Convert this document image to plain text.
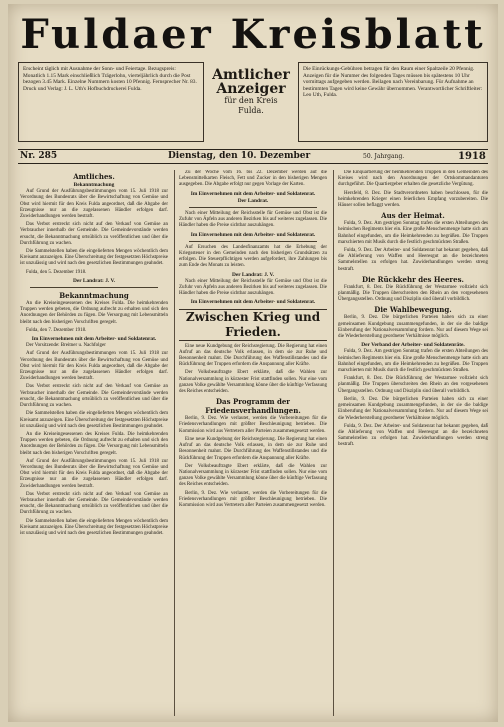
Fuldaer Kreisblatt
Erscheint täglich mit Ausnahme der Sonn- und Feiertage. Bezugspreis: Monatlich 1.15 Mark einschließlich Trägerlohn, vierteljährlich durch die Post bezogen 3.45 Mark. Einzelne Nummern kosten 10 Pfennig. Fernsprecher Nr. 83. Druck und Verlag: J. L. Uth's Hofbuchdruckerei Fulda.
Amtlicher
Anzeiger
für den Kreis
Fulda.
Die Einrückungs-Gebühren betragen für den Raum einer Spaltzeile 20 Pfennig. Anzeigen für die Nummer des folgenden Tages müssen bis spätestens 10 Uhr vormittags aufgegeben werden. Beilagen nach Vereinbarung. Für Aufnahme an bestimmten Tagen wird keine Gewähr übernommen. Verantwortlicher Schriftleiter: Leo Uth, Fulda.
Nr. 285	Dienstag, den 10. Dezember	50. Jahrgang.	1918
Amtliches.
Bekanntmachung

Auf Grund der Ausführungsbestimmungen vom 15. Juli 1918 zur Verordnung des Bundesrats über die Bewirtschaftung von Gemüse und Obst wird hiermit für den Kreis Fulda angeordnet, daß die Abgabe der Erzeugnisse nur an die zugelassenen Händler erfolgen darf. Zuwiderhandlungen werden bestraft.

Das Verbot erstreckt sich nicht auf den Verkauf von Gemüse an Verbraucher innerhalb der Gemeinde. Die Gemeindevorstände werden ersucht, die Bekanntmachung ortsüblich zu veröffentlichen und über die Durchführung zu wachen.

Die Sammelstellen haben die eingelieferten Mengen wöchentlich dem Kreisamt anzuzeigen. Eine Überschreitung der festgesetzten Höchstpreise ist unzulässig und wird nach den gesetzlichen Bestimmungen geahndet.

Fulda, den 5. Dezember 1918.

Der Landrat: J. V.
Bekanntmachung

An die Kreiseingesessenen des Kreises Fulda. Die heimkehrenden Truppen werden gebeten, die Ordnung aufrecht zu erhalten und sich den Anordnungen der Behörden zu fügen. Die Versorgung mit Lebensmitteln bleibt nach den bisherigen Vorschriften geregelt.

Fulda, den 7. Dezember 1918.

Im Einvernehmen mit dem Arbeiter- und Soldatenrat.

Der Vorsitzende: Breitner u. Nachfolger

Auf Grund der Ausführungsbestimmungen vom 15. Juli 1918 zur Verordnung des Bundesrats über die Bewirtschaftung von Gemüse und Obst wird hiermit für den Kreis Fulda angeordnet, daß die Abgabe der Erzeugnisse nur an die zugelassenen Händler erfolgen darf. Zuwiderhandlungen werden bestraft.

Das Verbot erstreckt sich nicht auf den Verkauf von Gemüse an Verbraucher innerhalb der Gemeinde. Die Gemeindevorstände werden ersucht, die Bekanntmachung ortsüblich zu veröffentlichen und über die Durchführung zu wachen.

Die Sammelstellen haben die eingelieferten Mengen wöchentlich dem Kreisamt anzuzeigen. Eine Überschreitung der festgesetzten Höchstpreise ist unzulässig und wird nach den gesetzlichen Bestimmungen geahndet.

An die Kreiseingesessenen des Kreises Fulda. Die heimkehrenden Truppen werden gebeten, die Ordnung aufrecht zu erhalten und sich den Anordnungen der Behörden zu fügen. Die Versorgung mit Lebensmitteln bleibt nach den bisherigen Vorschriften geregelt.

Auf Grund der Ausführungsbestimmungen vom 15. Juli 1918 zur Verordnung des Bundesrats über die Bewirtschaftung von Gemüse und Obst wird hiermit für den Kreis Fulda angeordnet, daß die Abgabe der Erzeugnisse nur an die zugelassenen Händler erfolgen darf. Zuwiderhandlungen werden bestraft.

Das Verbot erstreckt sich nicht auf den Verkauf von Gemüse an Verbraucher innerhalb der Gemeinde. Die Gemeindevorstände werden ersucht, die Bekanntmachung ortsüblich zu veröffentlichen und über die Durchführung zu wachen.

Die Sammelstellen haben die eingelieferten Mengen wöchentlich dem Kreisamt anzuzeigen. Eine Überschreitung der festgesetzten Höchstpreise ist unzulässig und wird nach den gesetzlichen Bestimmungen geahndet.

Zu der Woche vom 16. bis 22. Dezember werden auf die Lebensmittelkarten Fleisch, Fett und Zucker in den bisherigen Mengen ausgegeben. Die Abgabe erfolgt nur gegen Vorlage der Karten.

Im Einvernehmen mit dem Arbeiter- und Soldatenrat.
Der Landrat.

Nach einer Mitteilung der Reichsstelle für Gemüse und Obst ist die Zufuhr von Äpfeln aus anderen Bezirken bis auf weiteres zugelassen. Die Händler haben die Preise sichtbar auszuhängen.

Im Einvernehmen mit dem Arbeiter- und Soldatenrat.

Auf Ersuchen des Landesfinanzamts hat die Erhebung der Kriegssteuer in den Gemeinden nach den bisherigen Grundsätzen zu erfolgen. Die Steuerpflichtigen werden aufgefordert, ihre Zahlungen bis zum Ende des Monats zu leisten.

Der Landrat: J. V.

Nach einer Mitteilung der Reichsstelle für Gemüse und Obst ist die Zufuhr von Äpfeln aus anderen Bezirken bis auf weiteres zugelassen. Die Händler haben die Preise sichtbar auszuhängen.

Im Einvernehmen mit dem Arbeiter- und Soldatenrat.
Zwischen Krieg und Frieden.

Eine neue Kundgebung der Reichsregierung. Die Regierung hat einen Aufruf an das deutsche Volk erlassen, in dem sie zur Ruhe und Besonnenheit mahnt. Die Durchführung des Waffenstillstandes und die Rückführung der Truppen erfordern die Anspannung aller Kräfte.

Der Volksbeauftragte Ebert erklärte, daß die Wahlen zur Nationalversammlung in kürzester Frist stattfinden sollen. Nur eine vom ganzen Volke gewählte Versammlung könne über die künftige Verfassung des Reiches entscheiden.

Das Programm der Friedensverhandlungen.

Berlin, 9. Dez. Wie verlautet, werden die Vorbereitungen für die Friedensverhandlungen mit größter Beschleunigung betrieben. Die Kommission wird aus Vertretern aller Parteien zusammengesetzt werden.

Eine neue Kundgebung der Reichsregierung. Die Regierung hat einen Aufruf an das deutsche Volk erlassen, in dem sie zur Ruhe und Besonnenheit mahnt. Die Durchführung des Waffenstillstandes und die Rückführung der Truppen erfordern die Anspannung aller Kräfte.

Der Volksbeauftragte Ebert erklärte, daß die Wahlen zur Nationalversammlung in kürzester Frist stattfinden sollen. Nur eine vom ganzen Volke gewählte Versammlung könne über die künftige Verfassung des Reiches entscheiden.

Berlin, 9. Dez. Wie verlautet, werden die Vorbereitungen für die Friedensverhandlungen mit größter Beschleunigung betrieben. Die Kommission wird aus Vertretern aller Parteien zusammengesetzt werden.

Die Einquartierung der heimkehrenden Truppen in den Gemeinden des Kreises wird nach den Anordnungen der Ortskommandanturen durchgeführt. Die Quartiergeber erhalten die gesetzliche Vergütung.

Hersfeld, 8. Dez. Die Stadtverordneten haben beschlossen, für die heimkehrenden Krieger einen feierlichen Empfang vorzubereiten. Die Häuser sollen beflaggt werden.

Aus der Heimat.

Fulda, 9. Dez. Am gestrigen Sonntag trafen die ersten Abteilungen des heimischen Regiments hier ein. Eine große Menschenmenge hatte sich am Bahnhof eingefunden, um die Heimkehrenden zu begrüßen. Die Truppen marschierten mit Musik durch die festlich geschmückten Straßen.

Fulda, 9. Dez. Der Arbeiter- und Soldatenrat hat bekannt gegeben, daß die Ablieferung von Waffen und Heeresgut an die bezeichneten Sammelstellen zu erfolgen hat. Zuwiderhandlungen werden streng bestraft.

Die Rückkehr des Heeres.

Frankfurt, 8. Dez. Die Rückführung der Westarmee vollzieht sich planmäßig. Die Truppen überschreiten den Rhein an den vorgesehenen Übergangsstellen. Ordnung und Disziplin sind überall vorbildlich.

Die Wahlbewegung.

Berlin, 9. Dez. Die bürgerlichen Parteien haben sich zu einer gemeinsamen Kundgebung zusammengefunden, in der sie die baldige Einberufung der Nationalversammlung fordern. Nur auf diesem Wege sei die Wiederherstellung geordneter Verhältnisse möglich.

Der Verband der Arbeiter- und Soldatenräte.

Fulda, 9. Dez. Am gestrigen Sonntag trafen die ersten Abteilungen des heimischen Regiments hier ein. Eine große Menschenmenge hatte sich am Bahnhof eingefunden, um die Heimkehrenden zu begrüßen. Die Truppen marschierten mit Musik durch die festlich geschmückten Straßen.

Frankfurt, 8. Dez. Die Rückführung der Westarmee vollzieht sich planmäßig. Die Truppen überschreiten den Rhein an den vorgesehenen Übergangsstellen. Ordnung und Disziplin sind überall vorbildlich.

Berlin, 9. Dez. Die bürgerlichen Parteien haben sich zu einer gemeinsamen Kundgebung zusammengefunden, in der sie die baldige Einberufung der Nationalversammlung fordern. Nur auf diesem Wege sei die Wiederherstellung geordneter Verhältnisse möglich.

Fulda, 9. Dez. Der Arbeiter- und Soldatenrat hat bekannt gegeben, daß die Ablieferung von Waffen und Heeresgut an die bezeichneten Sammelstellen zu erfolgen hat. Zuwiderhandlungen werden streng bestraft.
